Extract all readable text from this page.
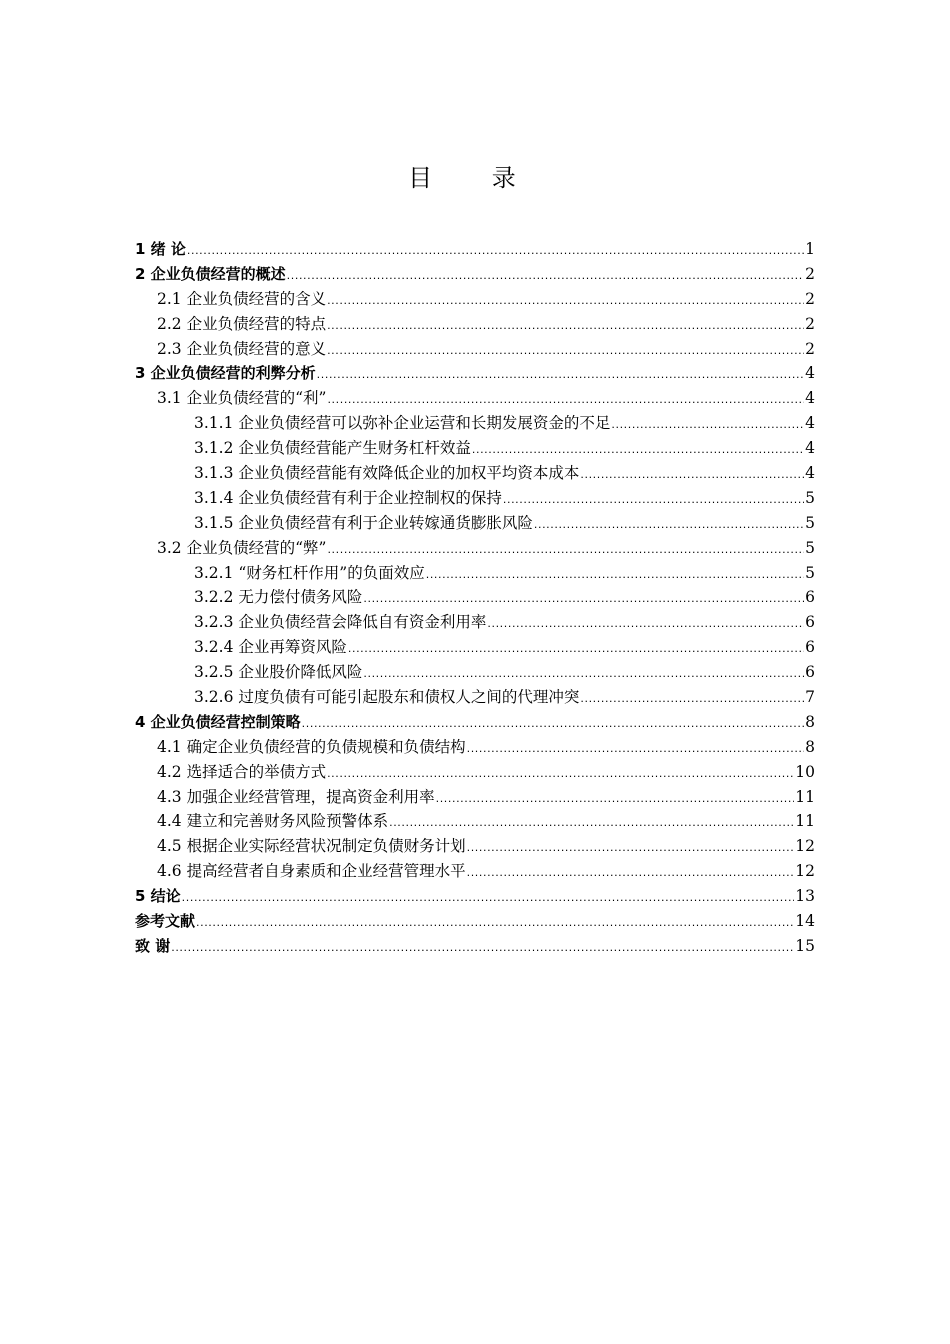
目 录
1 绪 论 .....	1
2 企业负债经营的概述 .....	2
2.1 企业负债经营的含义 .....	2
2.2 企业负债经营的特点 .....	2
2.3 企业负债经营的意义 .....	2
3 企业负债经营的利弊分析 .....	4
3.1 企业负债经营的“利” .....	4
3.1.1 企业负债经营可以弥补企业运营和长期发展资金的不足 .....	4
3.1.2 企业负债经营能产生财务杠杆效益 .....	4
3.1.3 企业负债经营能有效降低企业的加权平均资本成本 .....	4
3.1.4 企业负债经营有利于企业控制权的保持 .....	5
3.1.5 企业负债经营有利于企业转嫁通货膨胀风险 .....	5
3.2 企业负债经营的“弊” .....	5
3.2.1 “财务杠杆作用”的负面效应 .....	5
3.2.2 无力偿付债务风险 .....	6
3.2.3 企业负债经营会降低自有资金利用率 .....	6
3.2.4 企业再筹资风险 .....	6
3.2.5 企业股价降低风险 .....	6
3.2.6 过度负债有可能引起股东和债权人之间的代理冲突 .....	7
4 企业负债经营控制策略 .....	8
4.1 确定企业负债经营的负债规模和负债结构 .....	8
4.2 选择适合的举债方式 .....	10
4.3 加强企业经营管理，提高资金利用率 .....	11
4.4 建立和完善财务风险预警体系 .....	11
4.5 根据企业实际经营状况制定负债财务计划 .....	12
4.6 提高经营者自身素质和企业经营管理水平 .....	12
5 结论 .....	13
参考文献 .....	14
致 谢 .....	15
